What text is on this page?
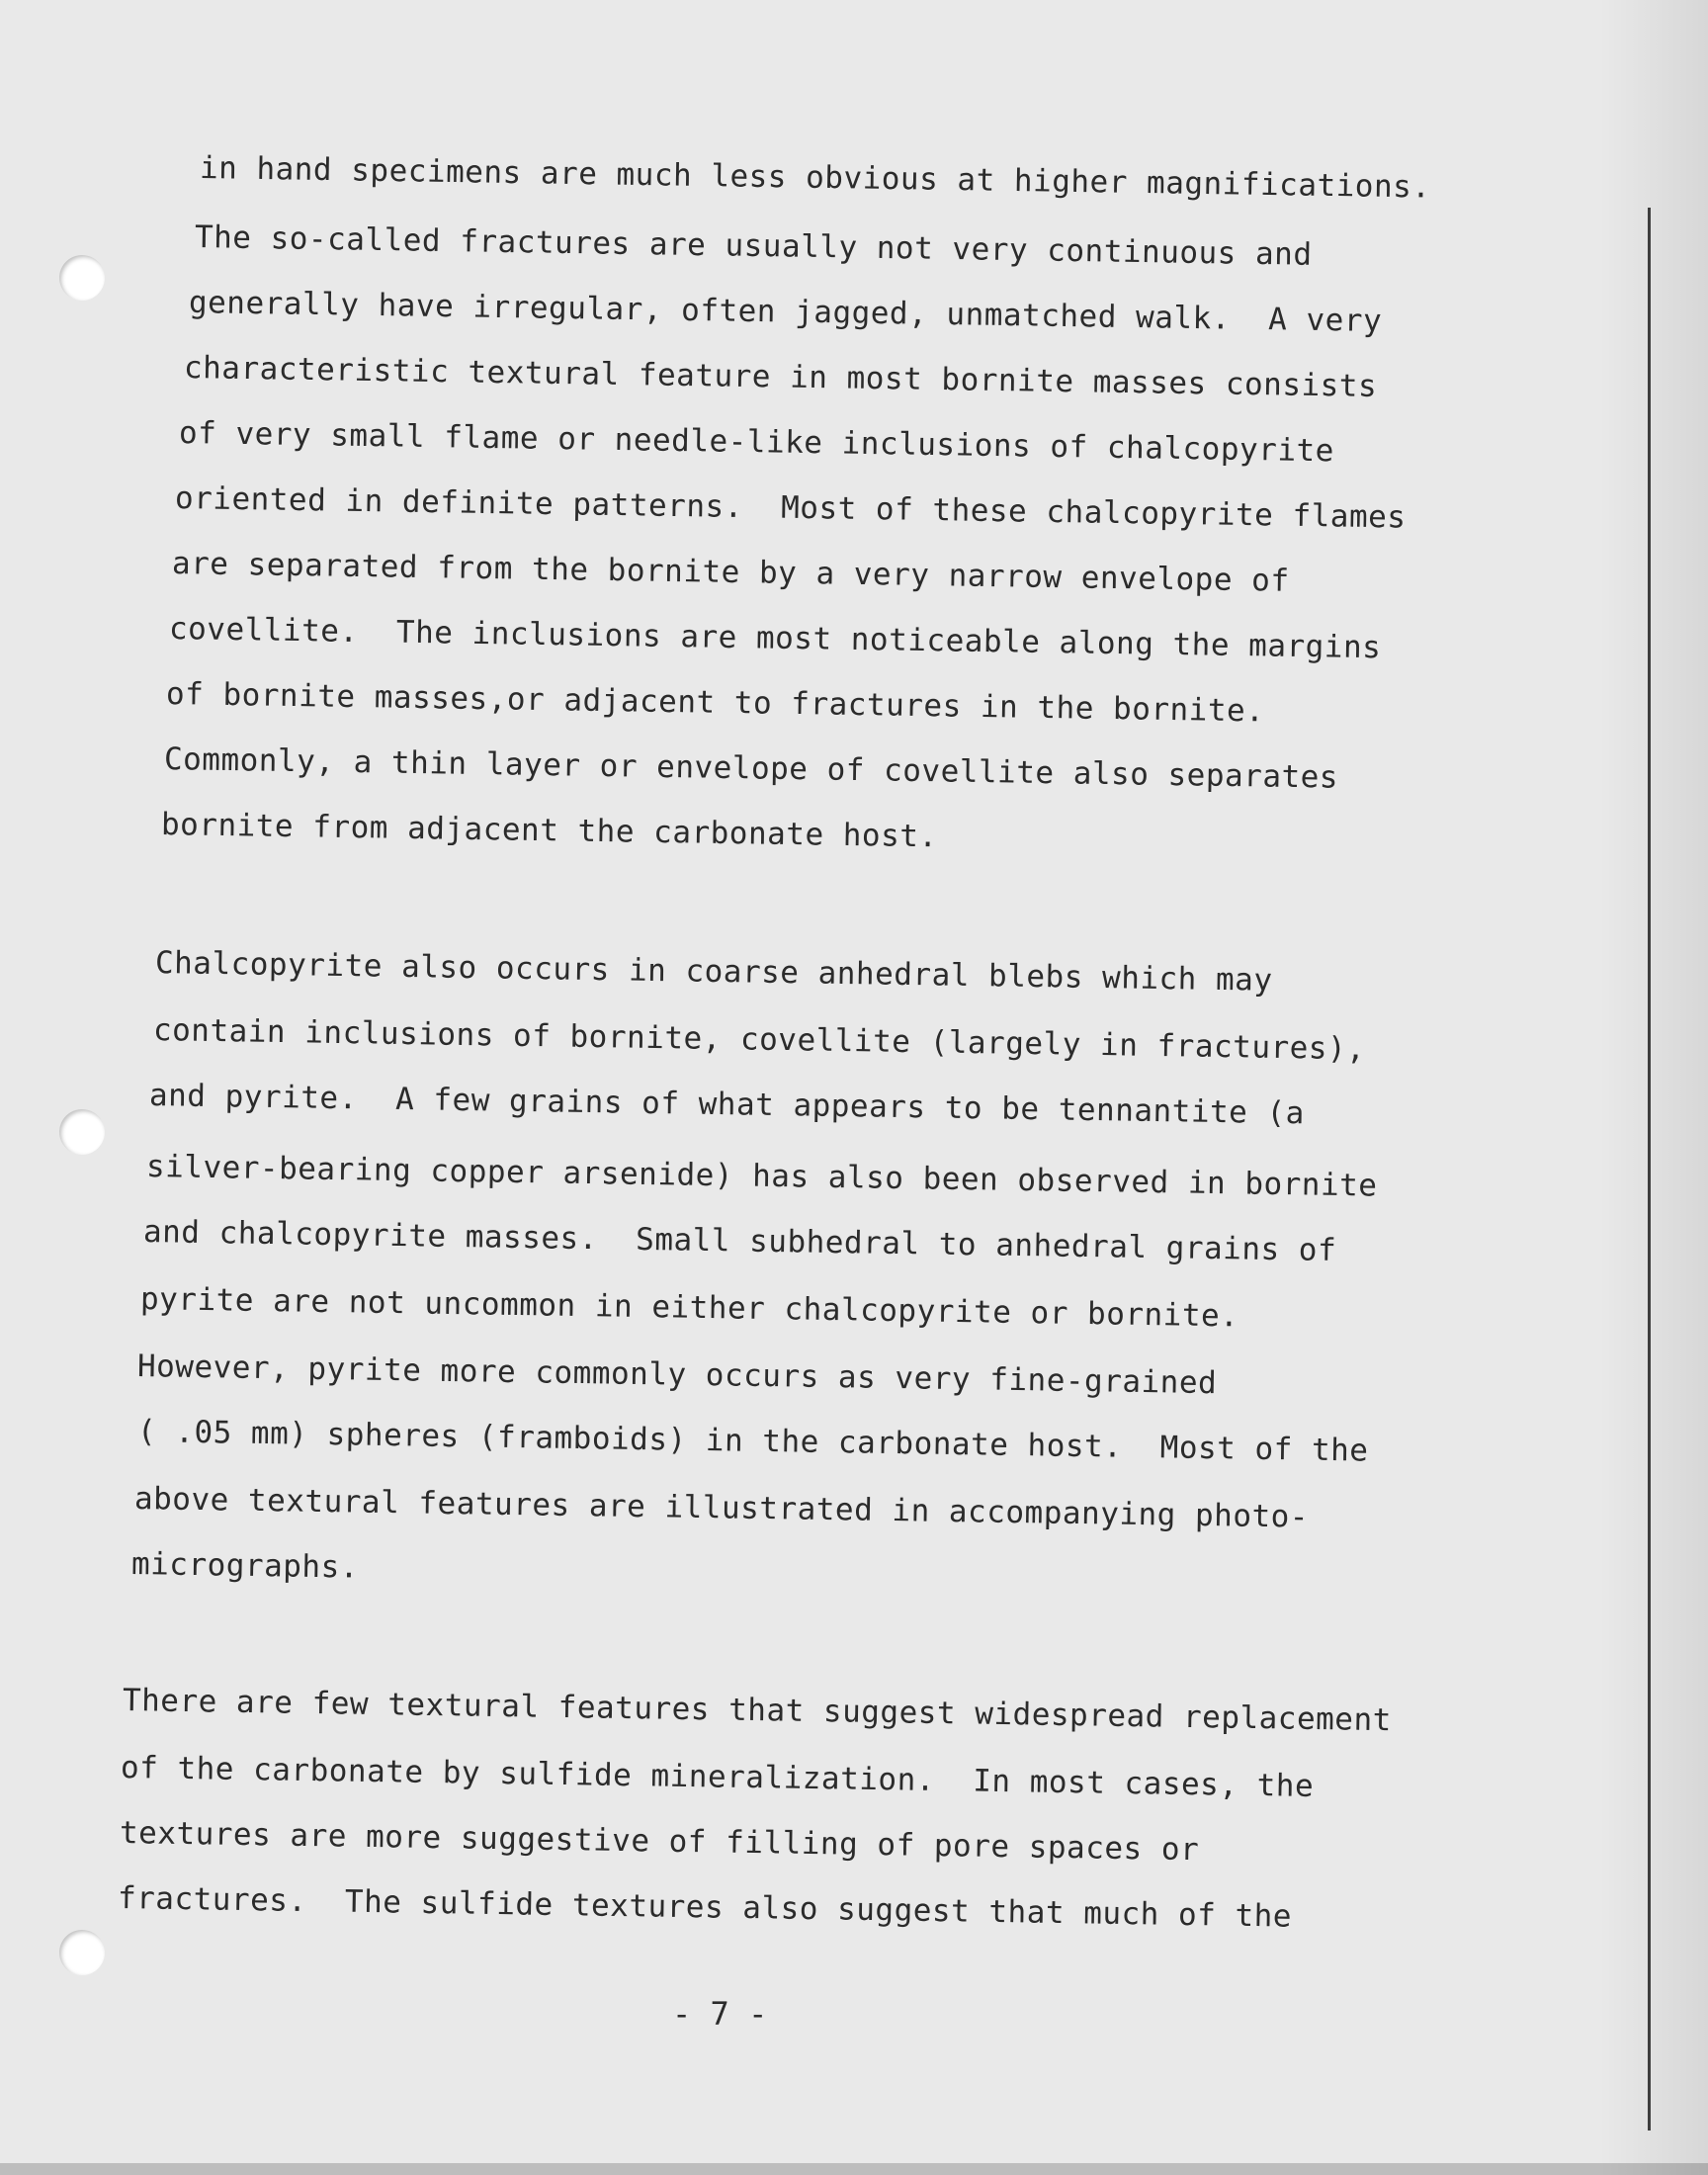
in hand specimens are much less obvious at higher magnifications.
The so-called fractures are usually not very continuous and
generally have irregular, often jagged, unmatched walk.  A very
characteristic textural feature in most bornite masses consists
of very small flame or needle-like inclusions of chalcopyrite
oriented in definite patterns.  Most of these chalcopyrite flames
are separated from the bornite by a very narrow envelope of
covellite.  The inclusions are most noticeable along the margins
of bornite masses,or adjacent to fractures in the bornite.
Commonly, a thin layer or envelope of covellite also separates
bornite from adjacent the carbonate host.
Chalcopyrite also occurs in coarse anhedral blebs which may
contain inclusions of bornite, covellite (largely in fractures),
and pyrite.  A few grains of what appears to be tennantite (a
silver-bearing copper arsenide) has also been observed in bornite
and chalcopyrite masses.  Small subhedral to anhedral grains of
pyrite are not uncommon in either chalcopyrite or bornite.
However, pyrite more commonly occurs as very fine-grained
( .05 mm) spheres (framboids) in the carbonate host.  Most of the
above textural features are illustrated in accompanying photo-
micrographs.
There are few textural features that suggest widespread replacement
of the carbonate by sulfide mineralization.  In most cases, the
textures are more suggestive of filling of pore spaces or
fractures.  The sulfide textures also suggest that much of the
- 7 -
